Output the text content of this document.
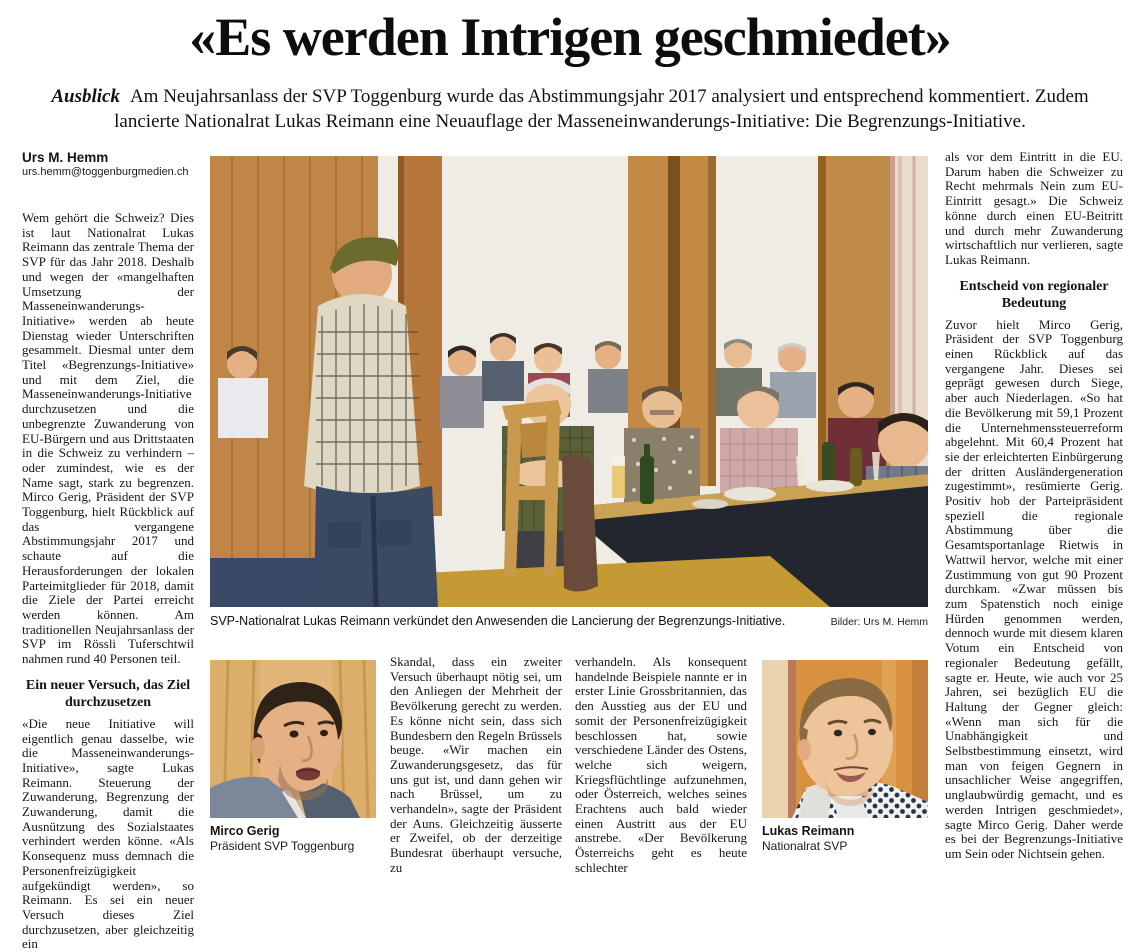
«Es werden Intrigen geschmiedet»
Ausblick Am Neujahrsanlass der SVP Toggenburg wurde das Abstimmungsjahr 2017 analysiert und entsprechend kommentiert. Zudem lancierte Nationalrat Lukas Reimann eine Neuauflage der Masseneinwanderungs-Initiative: Die Begrenzungs-Initiative.
Urs M. Hemm
urs.hemm@toggenburgmedien.ch
Wem gehört die Schweiz? Dies ist laut Nationalrat Lukas Reimann das zentrale Thema der SVP für das Jahr 2018. Deshalb und wegen der «mangelhaften Umsetzung der Masseneinwanderungs-Initiative» werden ab heute Dienstag wieder Unterschriften gesammelt. Diesmal unter dem Titel «Begrenzungs-Initiative» und mit dem Ziel, die Masseneinwanderungs-Initiative durchzusetzen und die unbegrenzte Zuwanderung von EU-Bürgern und aus Drittstaaten in die Schweiz zu verhindern – oder zumindest, wie es der Name sagt, stark zu begrenzen. Mirco Gerig, Präsident der SVP Toggenburg, hielt Rückblick auf das vergangene Abstimmungsjahr 2017 und schaute auf die Herausforderungen der lokalen Parteimitglieder für 2018, damit die Ziele der Partei erreicht werden können. Am traditionellen Neujahrsanlass der SVP im Rössli Tuferschtwil nahmen rund 40 Personen teil.
Ein neuer Versuch, das Ziel durchzusetzen
«Die neue Initiative will eigentlich genau dasselbe, wie die Masseneinwanderungs-Initiative», sagte Lukas Reimann. Steuerung der Zuwanderung, Begrenzung der Zuwanderung, damit die Ausnützung des Sozialstaates verhindert werden könne. «Als Konsequenz muss demnach die Personenfreizügigkeit aufgekündigt werden», so Reimann. Es sei ein neuer Versuch dieses Ziel durchzusetzen, aber gleichzeitig ein
SVP-Nationalrat Lukas Reimann verkündet den Anwesenden die Lancierung der Begrenzungs-Initiative.	Bilder: Urs M. Hemm
Mirco Gerig
Präsident SVP Toggenburg
Skandal, dass ein zweiter Versuch überhaupt nötig sei, um den Anliegen der Mehrheit der Bevölkerung gerecht zu werden. Es könne nicht sein, dass sich Bundesbern den Regeln Brüssels beuge. «Wir machen ein Zuwanderungsgesetz, das für uns gut ist, und dann gehen wir nach Brüssel, um zu verhandeln», sagte der Präsident der Auns. Gleichzeitig äusserte er Zweifel, ob der derzeitige Bundesrat überhaupt versuche, zu
verhandeln. Als konsequent handelnde Beispiele nannte er in erster Linie Grossbritannien, das den Ausstieg aus der EU und somit der Personenfreizügigkeit beschlossen hat, sowie verschiedene Länder des Ostens, welche sich weigern, Kriegsflüchtlinge aufzunehmen, oder Österreich, welches seines Erachtens auch bald wieder einen Austritt aus der EU anstrebe. «Der Bevölkerung Österreichs geht es heute schlechter
Lukas Reimann
Nationalrat SVP
als vor dem Eintritt in die EU. Darum haben die Schweizer zu Recht mehrmals Nein zum EU-Eintritt gesagt.» Die Schweiz könne durch einen EU-Beitritt und durch mehr Zuwanderung wirtschaftlich nur verlieren, sagte Lukas Reimann.
Entscheid von regionaler Bedeutung
Zuvor hielt Mirco Gerig, Präsident der SVP Toggenburg einen Rückblick auf das vergangene Jahr. Dieses sei geprägt gewesen durch Siege, aber auch Niederlagen. «So hat die Bevölkerung mit 59,1 Prozent die Unternehmenssteuerreform abgelehnt. Mit 60,4 Prozent hat sie der erleichterten Einbürgerung der dritten Ausländergeneration zugestimmt», resümierte Gerig. Positiv hob der Parteipräsident speziell die regionale Abstimmung über die Gesamtsportanlage Rietwis in Wattwil hervor, welche mit einer Zustimmung von gut 90 Prozent durchkam. «Zwar müssen bis zum Spatenstich noch einige Hürden genommen werden, dennoch wurde mit diesem klaren Votum ein Entscheid von regionaler Bedeutung gefällt, sagte er. Heute, wie auch vor 25 Jahren, sei bezüglich EU die Haltung der Gegner gleich: «Wenn man sich für die Unabhängigkeit und Selbstbestimmung einsetzt, wird man von feigen Gegnern in unsachlicher Weise angegriffen, unglaubwürdig gemacht, und es werden Intrigen geschmiedet», sagte Mirco Gerig. Daher werde es bei der Begrenzungs-Initiative um Sein oder Nichtsein gehen.
